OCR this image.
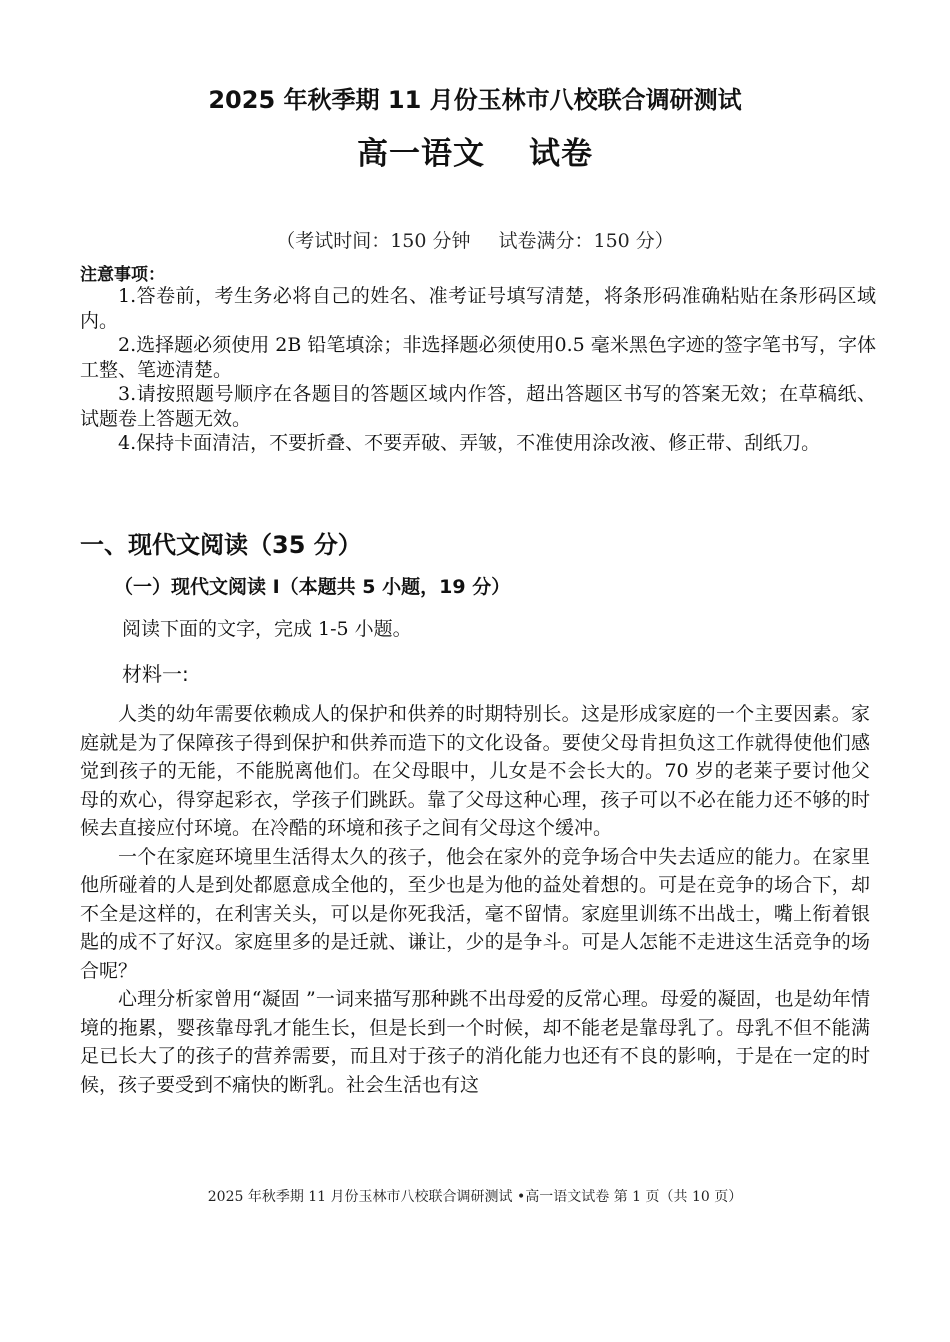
2025 年秋季期 11 月份玉林市八校联合调研测试
高一语文 试卷
（考试时间：150 分钟 试卷满分：150 分）
注意事项：

1.答卷前，考生务必将自己的姓名、准考证号填写清楚，将条形码准确粘贴在条形码区域内。

2.选择题必须使用 2B 铅笔填涂；非选择题必须使用0.5 毫米黑色字迹的签字笔书写，字体工整、笔迹清楚。

3.请按照题号顺序在各题目的答题区域内作答，超出答题区书写的答案无效；在草稿纸、试题卷上答题无效。

4.保持卡面清洁，不要折叠、不要弄破、弄皱，不准使用涂改液、修正带、刮纸刀。

一、现代文阅读（35 分）
（一）现代文阅读 Ⅰ（本题共 5 小题，19 分）
阅读下面的文字，完成 1-5 小题。
材料一:

人类的幼年需要依赖成人的保护和供养的时期特别长。这是形成家庭的一个主要因素。家庭就是为了保障孩子得到保护和供养而造下的文化设备。要使父母肯担负这工作就得使他们感觉到孩子的无能，不能脱离他们。在父母眼中，儿女是不会长大的。70 岁的老莱子要讨他父母的欢心，得穿起彩衣，学孩子们跳跃。靠了父母这种心理，孩子可以不必在能力还不够的时候去直接应付环境。在冷酷的环境和孩子之间有父母这个缓冲。

一个在家庭环境里生活得太久的孩子，他会在家外的竞争场合中失去适应的能力。在家里他所碰着的人是到处都愿意成全他的，至少也是为他的益处着想的。可是在竞争的场合下，却不全是这样的，在利害关头，可以是你死我活，毫不留情。家庭里训练不出战士，嘴上衔着银匙的成不了好汉。家庭里多的是迁就、谦让，少的是争斗。可是人怎能不走进这生活竞争的场合呢？

心理分析家曾用“凝固 ”一词来描写那种跳不出母爱的反常心理。母爱的凝固，也是幼年情境的拖累，婴孩靠母乳才能生长，但是长到一个时候，却不能老是靠母乳了。母乳不但不能满足已长大了的孩子的营养需要，而且对于孩子的消化能力也还有不良的影响，于是在一定的时候，孩子要受到不痛快的断乳。社会生活也有这

2025 年秋季期 11 月份玉林市八校联合调研测试 •高一语文试卷 第 1 页（共 10 页）
